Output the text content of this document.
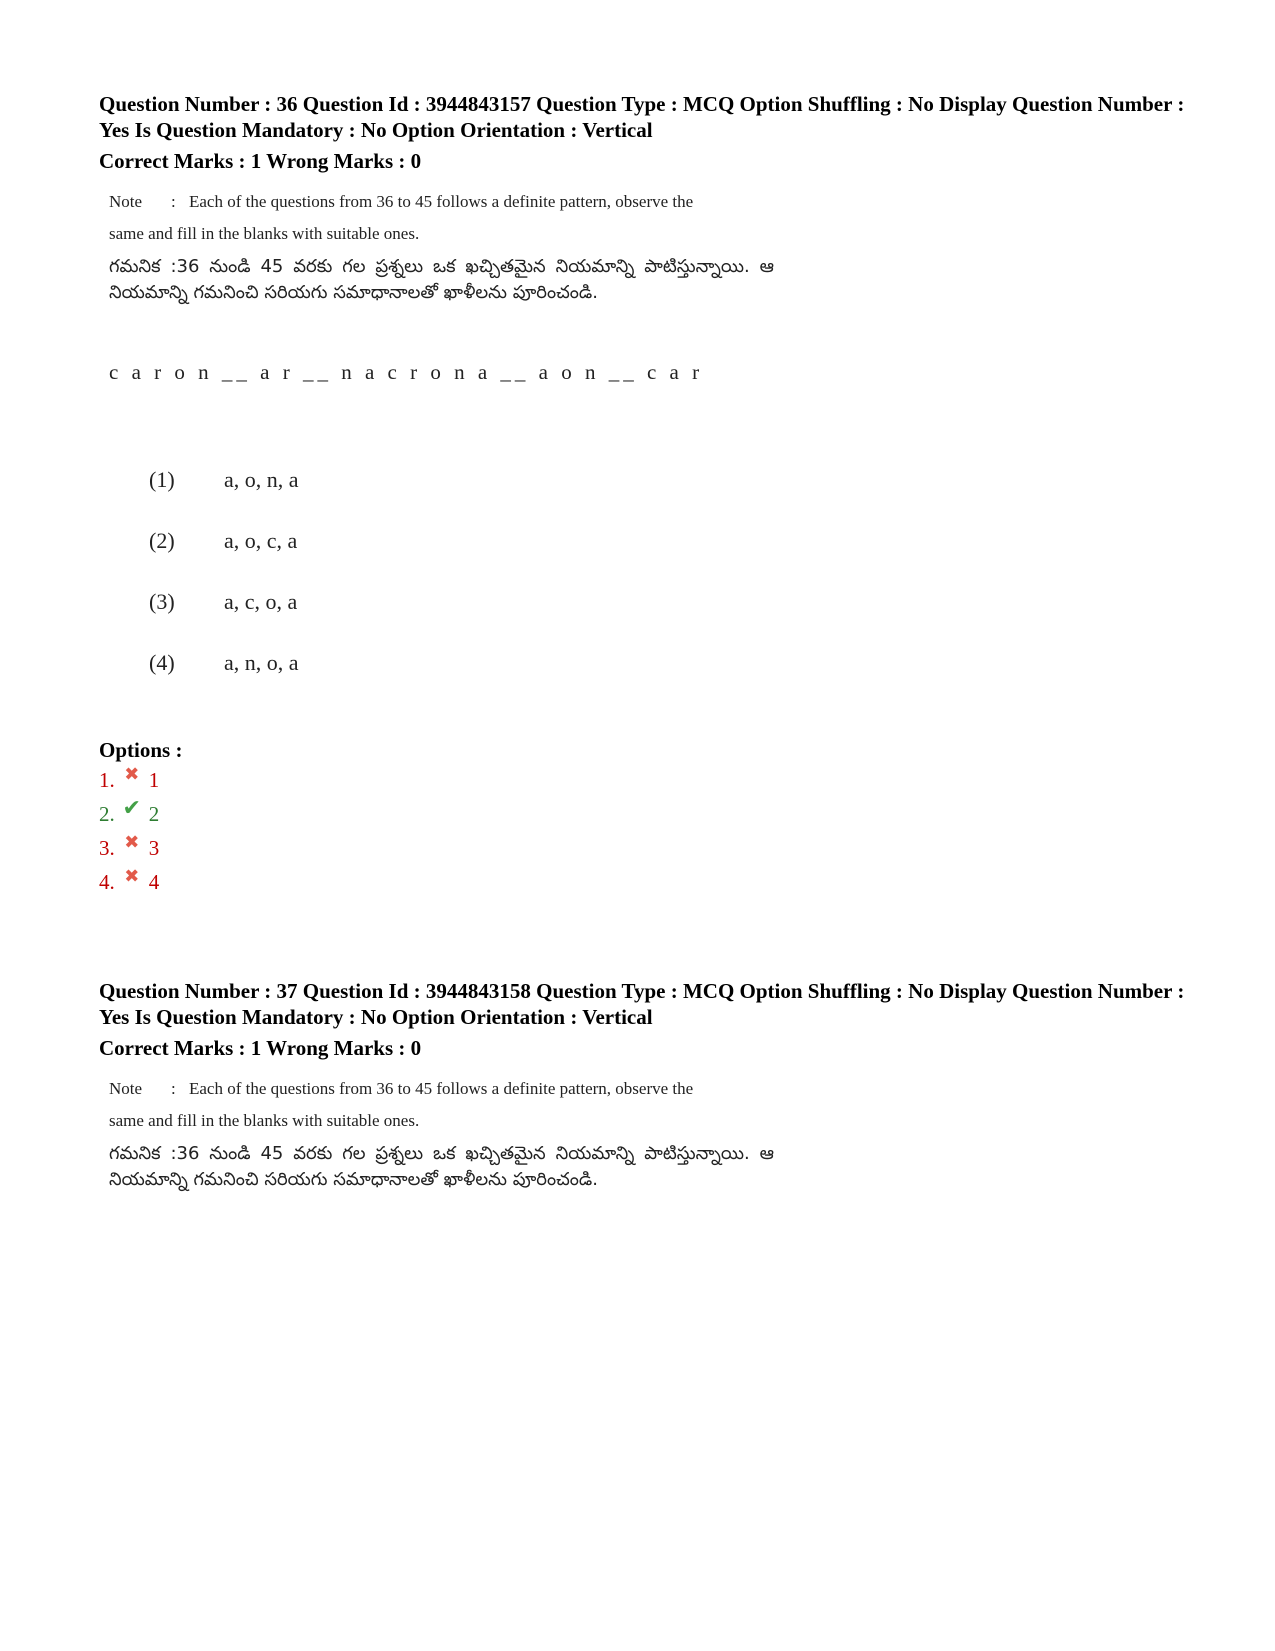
Question Number : 36 Question Id : 3944843157 Question Type : MCQ Option Shuffling : No Display Question Number : Yes Is Question Mandatory : No Option Orientation : Vertical

Correct Marks : 1 Wrong Marks : 0
Note	: Each of the questions from 36 to 45 follows a definite pattern, observe the
same and fill in the blanks with suitable ones.
గమనిక :36 నుండి 45 వరకు గల ప్రశ్నలు ఒక ఖచ్చితమైన నియమాన్ని పాటిస్తున్నాయి. ఆ నియమాన్ని గమనించి సరియగు సమాధానాలతో ఖాళీలను పూరించండి.
c a r o n __ a r __ n a c r o n a __ a o n __ c a r
(1)	a, o, n, a
(2)	a, o, c, a
(3)	a, c, o, a
(4)	a, n, o, a
Options :
1. ✖ 1
2. ✔ 2
3. ✖ 3
4. ✖ 4

Question Number : 37 Question Id : 3944843158 Question Type : MCQ Option Shuffling : No Display Question Number : Yes Is Question Mandatory : No Option Orientation : Vertical

Correct Marks : 1 Wrong Marks : 0
Note	: Each of the questions from 36 to 45 follows a definite pattern, observe the
same and fill in the blanks with suitable ones.
గమనిక :36 నుండి 45 వరకు గల ప్రశ్నలు ఒక ఖచ్చితమైన నియమాన్ని పాటిస్తున్నాయి. ఆ నియమాన్ని గమనించి సరియగు సమాధానాలతో ఖాళీలను పూరించండి.
